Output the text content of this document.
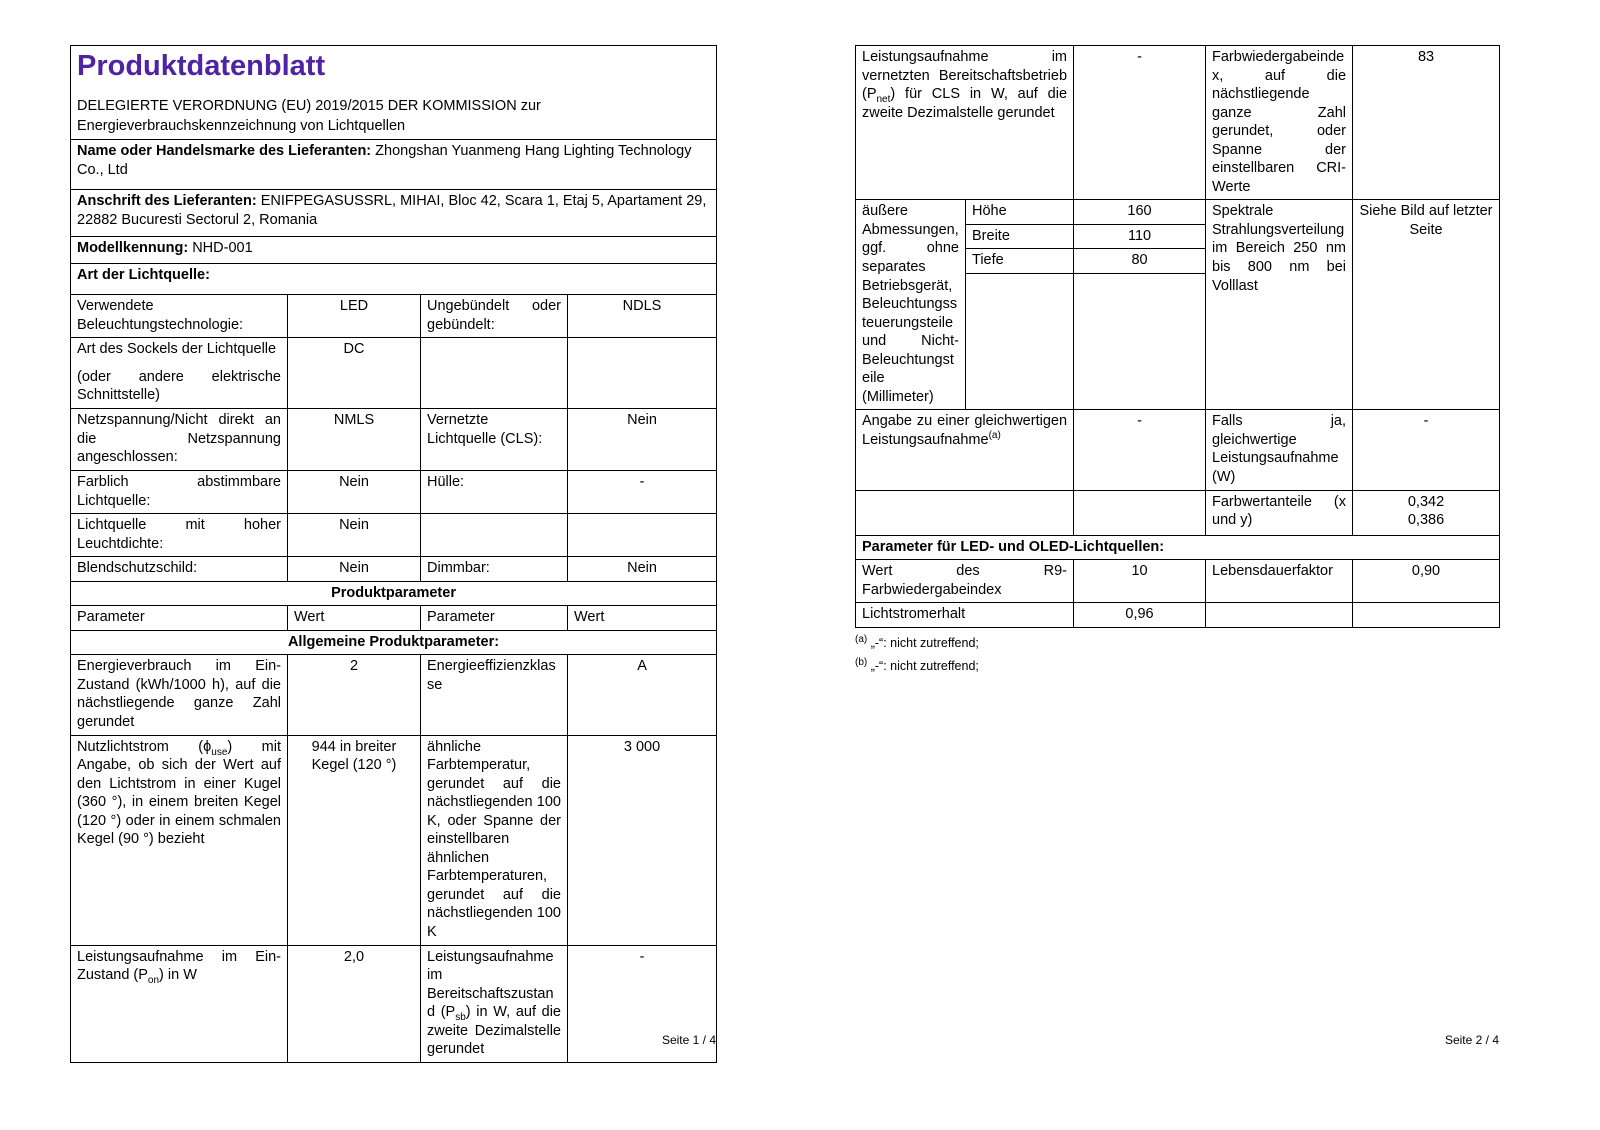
Produktdatenblatt
DELEGIERTE VERORDNUNG (EU) 2019/2015 DER KOMMISSION zur
Energieverbrauchskennzeichnung von Lichtquellen			

Name oder Handelsmarke des Lieferanten: Zhongshan Yuanmeng Hang Lighting Technology Co., Ltd			
Anschrift des Lieferanten: ENIFPEGASUSSRL, MIHAI, Bloc 42, Scara 1, Etaj 5, Apartament 29, 22882 Bucuresti Sectorul 2, Romania			
Modellkennung: NHD-001			
Art der Lichtquelle:			
Verwendete Beleuchtungstechnologie:	LED	Ungebündelt oder gebündelt:	NDLS

Art des Sockels der Lichtquelle
(oder andere elektrische Schnittstelle)	DC		
Netzspannung/Nicht direkt an die Netzspannung angeschlossen:	NMLS	Vernetzte Lichtquelle (CLS):	Nein
Farblich abstimmbare Lichtquelle:	Nein	Hülle:	-
Lichtquelle mit hoher Leuchtdichte:	Nein		
Blendschutzschild:	Nein	Dimmbar:	Nein
Produktparameter			
Parameter	Wert	Parameter	Wert
Allgemeine Produktparameter:			
Energieverbrauch im Ein-Zustand (kWh/1000 h), auf die nächstliegende ganze Zahl gerundet	2	Energieeffizienzklasse	A
Nutzlichtstrom $(\phi_{use})$ mit Angabe, ob sich der Wert auf den Lichtstrom in einer Kugel (360 °), in einem breiten Kegel (120 °) oder in einem schmalen Kegel (90 °) bezieht	944 in breiter Kegel (120 °)	ähnliche Farbtemperatur, gerundet auf die nächstliegenden 100 K, oder Spanne der einstellbaren ähnlichen Farbtemperaturen, gerundet auf die nächstliegenden 100 K	3 000
Leistungsaufnahme im Ein-Zustand $(P_{on})$ in W	2,0	Leistungsaufnahme im Bereitschaftszustand $(P_{sb})$ in W, auf die zweite Dezimalstelle gerundet	-
Leistungsaufnahme im vernetzten Bereitschaftsbetrieb $(P_{net})$ für CLS in W, auf die zweite Dezimalstelle gerundet		-	Farbwiedergabeindex, auf die nächstliegende ganze Zahl gerundet, oder Spanne der einstellbaren CRI-Werte	83
äußere Abmessungen, ggf. ohne separates Betriebsgerät, Beleuchtungssteuerungsteile und Nicht-Beleuchtungsteile (Millimeter)	Höhe	160	Spektrale Strahlungsverteilung im Bereich 250 nm bis 800 nm bei Volllast	Siehe Bild auf letzter Seite
	Breite	110		
	Tiefe	80		

Angabe zu einer gleichwertigen Leistungsaufnahme$^{(a)}$		-	Falls ja, gleichwertige Leistungsaufnahme (W)	-
			Farbwertanteile (x und y)	0,342
0,386

Parameter für LED- und OLED-Lichtquellen:				
Wert des R9-Farbwiedergabeindex		10	Lebensdauerfaktor	0,90
Lichtstromerhalt		0,96		
$^{(a)}$ „-“: nicht zutreffend;
$^{(b)}$ „-“: nicht zutreffend;
Seite 1 / 4	Seite 2 / 4
